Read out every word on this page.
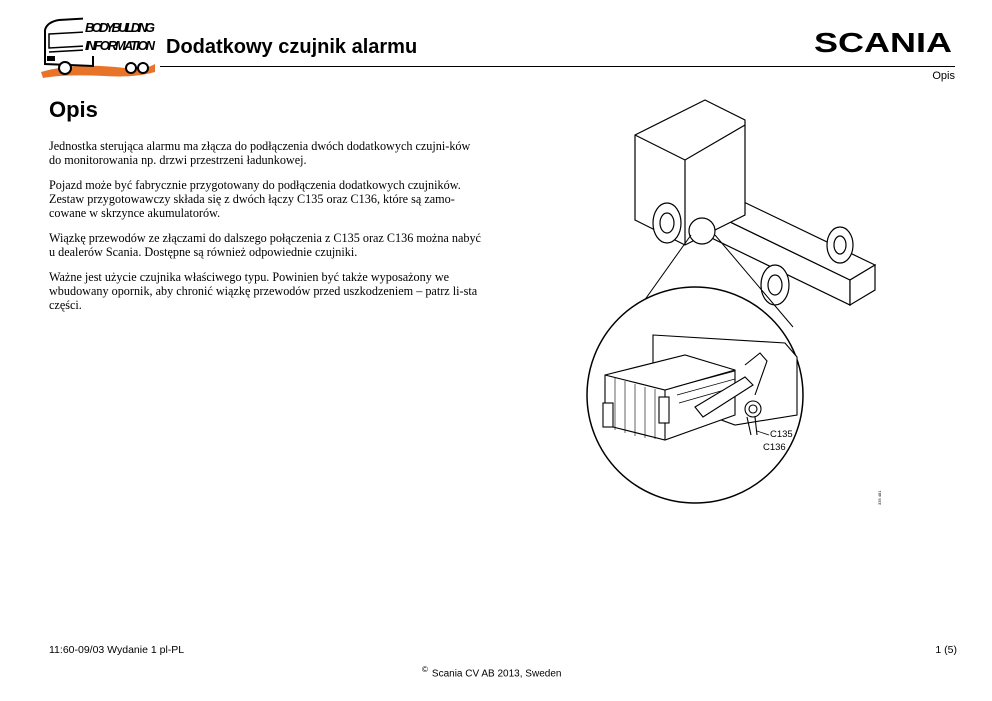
BODYBUILDING
INFORMATION Dodatkowy czujnik alarmu	SCANIA
Opis
Opis

Jednostka sterująca alarmu ma złącza do podłączenia dwóch dodatkowych czujni-ków do monitorowania np. drzwi przestrzeni ładunkowej.

Pojazd może być fabrycznie przygotowany do podłączenia dodatkowych czujników. Zestaw przygotowawczy składa się z dwóch łączy C135 oraz C136, które są zamo-cowane w skrzynce akumulatorów.

Wiązkę przewodów ze złączami do dalszego połączenia z C135 oraz C136 można nabyć u dealerów Scania. Dostępne są również odpowiednie czujniki.

Ważne jest użycie czujnika właściwego typu. Powinien być także wyposażony we wbudowany opornik, aby chronić wiązkę przewodów przed uszkodzeniem – patrz li-sta części.

C135
C136
335 481
11:60-09/03 Wydanie 1 pl-PL	1 (5)
© Scania CV AB 2013, Sweden
